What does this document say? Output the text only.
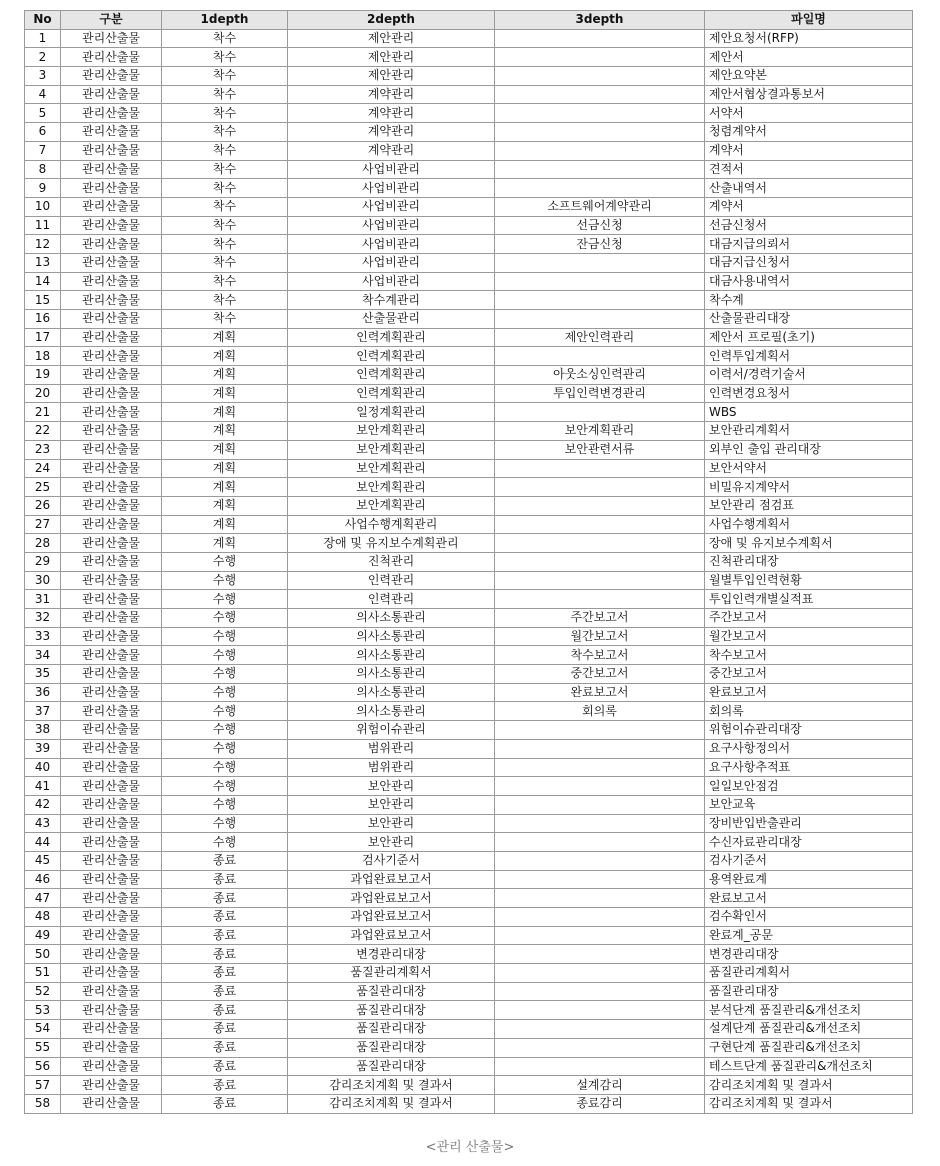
No	구분	1depth	2depth	3depth	파일명
1	관리산출물	착수	제안관리		제안요청서(RFP)
2	관리산출물	착수	제안관리		제안서
3	관리산출물	착수	제안관리		제안요약본
4	관리산출물	착수	계약관리		제안서협상결과통보서
5	관리산출물	착수	계약관리		서약서
6	관리산출물	착수	계약관리		청렴계약서
7	관리산출물	착수	계약관리		계약서
8	관리산출물	착수	사업비관리		견적서
9	관리산출물	착수	사업비관리		산출내역서
10	관리산출물	착수	사업비관리	소프트웨어계약관리	계약서
11	관리산출물	착수	사업비관리	선금신청	선금신청서
12	관리산출물	착수	사업비관리	잔금신청	대금지급의뢰서
13	관리산출물	착수	사업비관리		대금지급신청서
14	관리산출물	착수	사업비관리		대금사용내역서
15	관리산출물	착수	착수계관리		착수계
16	관리산출물	착수	산출물관리		산출물관리대장
17	관리산출물	계획	인력계획관리	제안인력관리	제안서 프로필(초기)
18	관리산출물	계획	인력계획관리		인력투입계획서
19	관리산출물	계획	인력계획관리	아웃소싱인력관리	이력서/경력기술서
20	관리산출물	계획	인력계획관리	투입인력변경관리	인력변경요청서
21	관리산출물	계획	일정계획관리		WBS
22	관리산출물	계획	보안계획관리	보안계획관리	보안관리계획서
23	관리산출물	계획	보안계획관리	보안관련서류	외부인 출입 관리대장
24	관리산출물	계획	보안계획관리		보안서약서
25	관리산출물	계획	보안계획관리		비밀유지계약서
26	관리산출물	계획	보안계획관리		보안관리 점검표
27	관리산출물	계획	사업수행계획관리		사업수행계획서
28	관리산출물	계획	장애 및 유지보수계획관리		장애 및 유지보수계획서
29	관리산출물	수행	진척관리		진척관리대장
30	관리산출물	수행	인력관리		월별투입인력현황
31	관리산출물	수행	인력관리		투입인력개별실적표
32	관리산출물	수행	의사소통관리	주간보고서	주간보고서
33	관리산출물	수행	의사소통관리	월간보고서	월간보고서
34	관리산출물	수행	의사소통관리	착수보고서	착수보고서
35	관리산출물	수행	의사소통관리	중간보고서	중간보고서
36	관리산출물	수행	의사소통관리	완료보고서	완료보고서
37	관리산출물	수행	의사소통관리	회의록	회의록
38	관리산출물	수행	위험이슈관리		위험이슈관리대장
39	관리산출물	수행	범위관리		요구사항정의서
40	관리산출물	수행	범위관리		요구사항추적표
41	관리산출물	수행	보안관리		일일보안점검
42	관리산출물	수행	보안관리		보안교육
43	관리산출물	수행	보안관리		장비반입반출관리
44	관리산출물	수행	보안관리		수신자료관리대장
45	관리산출물	종료	검사기준서		검사기준서
46	관리산출물	종료	과업완료보고서		용역완료계
47	관리산출물	종료	과업완료보고서		완료보고서
48	관리산출물	종료	과업완료보고서		검수확인서
49	관리산출물	종료	과업완료보고서		완료계_공문
50	관리산출물	종료	변경관리대장		변경관리대장
51	관리산출물	종료	품질관리계획서		품질관리계획서
52	관리산출물	종료	품질관리대장		품질관리대장
53	관리산출물	종료	품질관리대장		분석단계 품질관리&개선조치
54	관리산출물	종료	품질관리대장		설계단계 품질관리&개선조치
55	관리산출물	종료	품질관리대장		구현단계 품질관리&개선조치
56	관리산출물	종료	품질관리대장		테스트단계 품질관리&개선조치
57	관리산출물	종료	감리조치계획 및 결과서	설계감리	감리조치계획 및 결과서
58	관리산출물	종료	감리조치계획 및 결과서	종료감리	감리조치계획 및 결과서
<관리 산출물>
